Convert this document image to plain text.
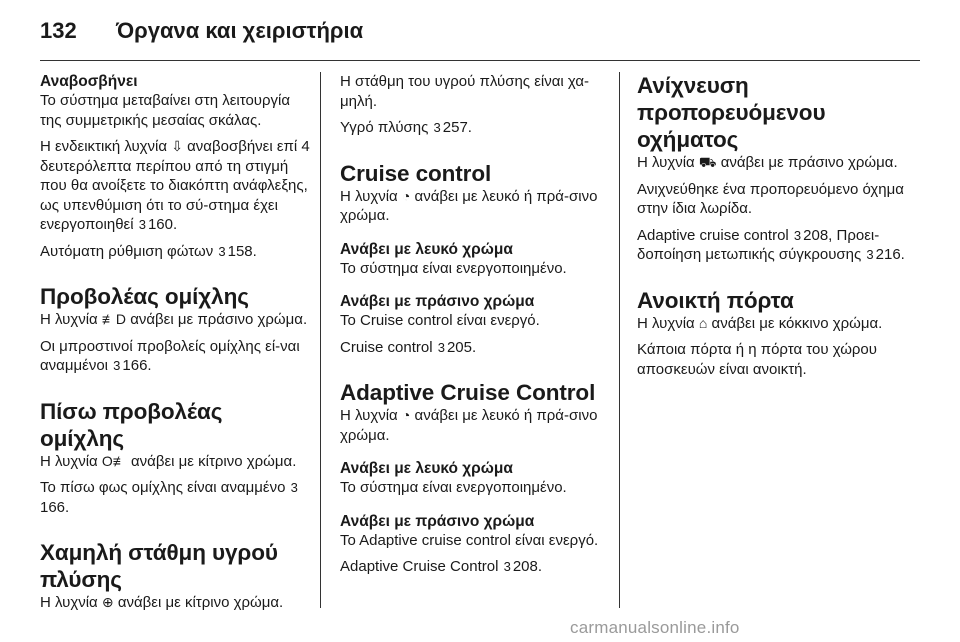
132 Όργανα και χειριστήρια
Αναβοσβήνει
Το σύστημα μεταβαίνει στη λειτουργία της συμμετρικής μεσαίας σκάλας.
Η ενδεικτική λυχνία ⇩ αναβοσβήνει επί 4 δευτερόλεπτα περίπου από τη στιγμή που θα ανοίξετε το διακόπτη ανάφλεξης, ως υπενθύμιση ότι το σύ-στημα έχει ενεργοποιηθεί 3 160.
Αυτόματη ρύθμιση φώτων 3 158.
Προβολέας ομίχλης
Η λυχνία ≢D ανάβει με πράσινο χρώμα.
Οι μπροστινοί προβολείς ομίχλης εί-ναι αναμμένοι 3 166.
Πίσω προβολέας ομίχλης
Η λυχνία O≢ ανάβει με κίτρινο χρώμα.
Το πίσω φως ομίχλης είναι αναμμένο 3166.
Χαμηλή στάθμη υγρού πλύσης
Η λυχνία ⊕ ανάβει με κίτρινο χρώμα.
Η στάθμη του υγρού πλύσης είναι χα-μηλή.
Υγρό πλύσης 3 257.
Cruise control
Η λυχνία ◔ ανάβει με λευκό ή πρά-σινο χρώμα.
Ανάβει με λευκό χρώμα
Το σύστημα είναι ενεργοποιημένο.
Ανάβει με πράσινο χρώμα
To Cruise control είναι ενεργό.
Cruise control 3 205.
Adaptive Cruise Control
Η λυχνία ◔ ανάβει με λευκό ή πρά-σινο χρώμα.
Ανάβει με λευκό χρώμα
Το σύστημα είναι ενεργοποιημένο.
Ανάβει με πράσινο χρώμα
To Adaptive cruise control είναι ενεργό.
Adaptive Cruise Control 3 208.
Ανίχνευση προπορευόμενου οχήματος
Η λυχνία ⛟ ανάβει με πράσινο χρώμα.
Ανιχνεύθηκε ένα προπορευόμενο όχημα στην ίδια λωρίδα.
Adaptive cruise control 3 208, Προει-δοποίηση μετωπικής σύγκρουσης 3 216.
Ανοικτή πόρτα
Η λυχνία ⌂ ανάβει με κόκκινο χρώμα.
Κάποια πόρτα ή η πόρτα του χώρου αποσκευών είναι ανοικτή.
carmanualsonline.info
